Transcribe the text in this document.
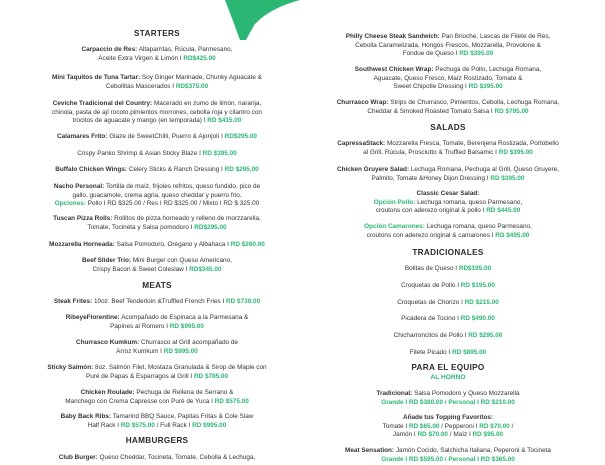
STARTERS
Carpaccio de Res: Altaparritas, Rúcula, Parmesano,
Aceite Extra Virgen & Limón I RD$425.00
Mini Taquitos de Tuna Tartar: Soy Ginger Marinade, Chunky Aguacate &
Cebollitas Mascerados I RD$375.00
Ceviche Tradicional del Country: Macerado en zumo de limón, naranja,
chinola, pasta de ají rocoto,pimientos morrones, cebolla roja y cilantro con
trocitos de aguacate y mango (en temporada) I RD $415.00
Calamares Frito: Glaze de SweetChilli, Puerro & Ajonjolí I RD$295.00
Crispy Panko Shrimp & Asian Sticky Blaze I RD $395.00
Buffalo Chicken Wings: Celery Sticks & Ranch Dressing I RD $295.00
Nacho Personal: Tortilla de maíz, frijoles refritos, queso fundido, pico de
gallo, guacamole, crema agria, queso cheddar y puerro frio.
Opciones: Pollo I RD $325.00 / Res I RD $325.00 / Mixto I RD $ 325.00
Tuscan Pizza Rolls: Rollitos de pizza horneado y relleno de morzzarella,
Tomate, Tocineta y Salsa pomodoro I RD$295.00
Mozzarella Horneada: Salsa Pomodoro, Orégano y Albahaca I RD $260.00
Beef Slider Trio: Mini Burger con Queso Americano,
Crispy Bacon & Sweet Coleslaw I RD$345.00
MEATS
Steak Frites: 10oz. Beef Tenderloin &Truffled French Fries I RD $730.00
RibeyeFlorentine: Acompañado de Espinaca a la Parmesana &
Papines al Romero I RD $995.00
Churrasco Kumkum: Churrasco al Grill acompañado de
Arroz Kumkum I RD $995.00
Sticky Salmón: 8oz. Salmón Filet, Mostaza Granulada & Sirop de Maple con
Puré de Papas & Esparragos al Grill I RD $785.00
Chicken Roulade: Pechuga de Rellena de Serrano &
Manchego con Crema Capresse con Puré de Yuca I RD $575.00
Baby Back Ribs: Tamarind BBQ Sauce, Papitas Fritas & Cole Slaw
Half Rack I RD $575.00 / Full Rack I RD $995.00
HAMBURGERS
Club Burger: Queso Cheddar, Tocineta, Tomate, Cebolla & Lechuga,
Philly Cheese Steak Sandwich: Pan Brioche, Lascas de Filete de Res,
Cebolla Caramelizada, Hongos Frescos, Mozzarella, Provolone &
Fondue de Queso I RD $395.00
Southwest Chicken Wrap: Pechuga de Pollo, Lechuga Romana,
Aguacate, Queso Fresco, Maíz Rostizado, Tomate &
Sweet Chipotle Dressing I RD $395.00
Churrasco Wrap: Strips de Churrasco, Pimientos, Cebolla, Lechuga Romana,
Cheddar & Smoked Roasted Tomato Salsa I RD $795.00
SALADS
CapressaStack: Mozzarella Fresca, Tomate, Berenjena Rostizada, Portobello
al Grill, Rúcula, Prosciutto & Truffled Balsamic I RD $395.00
Chicken Gruyere Salad: Lechuga Romana, Pechuga al Grill, Queso Gruyere,
Palmito, Tomate &Honey Dijon Dressing I RD $395.00
Classic Cesar Salad:
Opción Pollo: Lechuga romana, queso Parmesano,
croutons con aderezo original & pollo I RD $445.00
Opción Camarones: Lechuga romana, queso Parmesano,
croutons con aderezo original & camarones I RD $495.00
TRADICIONALES
Bolitas de Queso I RD$195.00
Croquetas de Pollo I RD $195.00
Croquetas de Chorizo I RD $215.00
Picadera de Tocino I RD $490.00
Chicharroncitos de Pollo I RD $295.00
Filete Picado I RD $895.00
PARA EL EQUIPO
AL HORNO
Tradicional: Salsa Pomodoro y Queso Mozzarella
Grande I RD $380.00 / Personal I RD $210.00
Añade tus Topping Favoritos:
Tomate I RD $65.00 / Pepperoni I RD $70.00 /
Jamón I RD $70.00 / Maíz I RD $95.00
Meat Sensation: Jamón Cocido, Salchicha Italiana, Peperoni & Tocineta
Grande I RD $595.00 / Personal I RD $365.00
